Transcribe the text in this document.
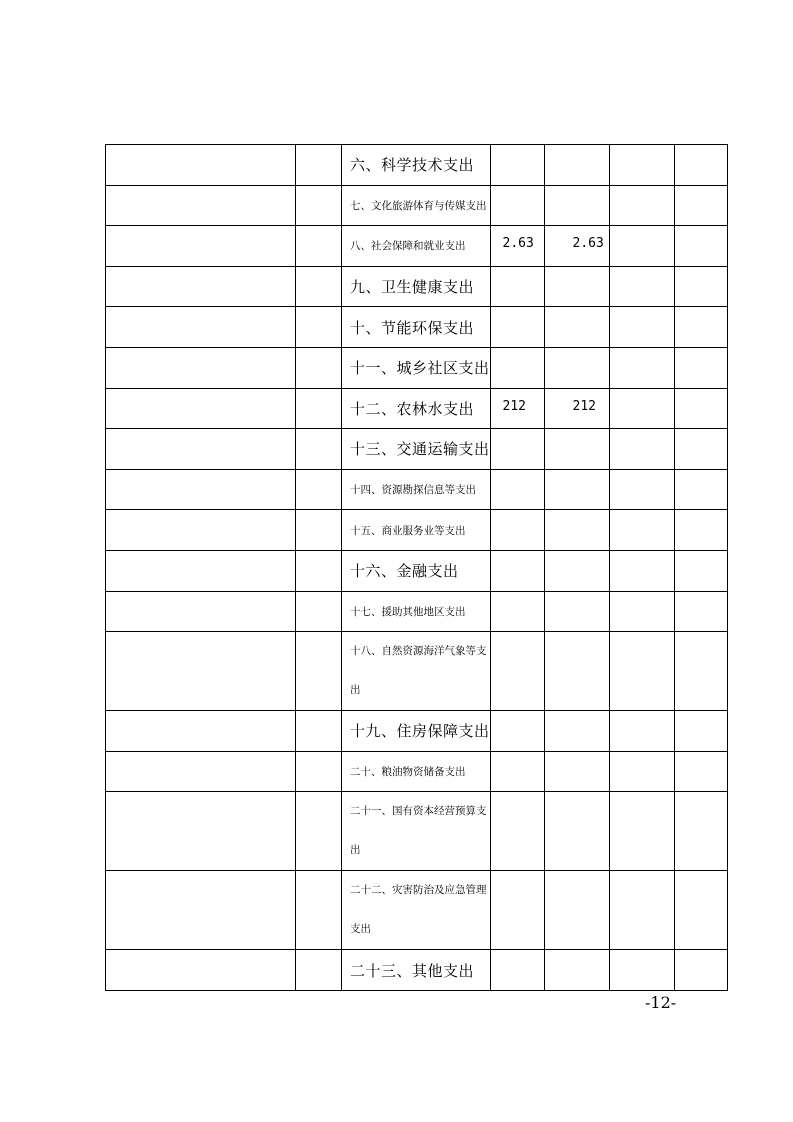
		六、科学技术支出				
		七、文化旅游体育与传媒支出				
		八、社会保障和就业支出	2.63	2.63		
		九、卫生健康支出				
		十、节能环保支出				
		十一、城乡社区支出				
		十二、农林水支出	212	212		
		十三、交通运输支出				
		十四、资源勘探信息等支出				
		十五、商业服务业等支出				
		十六、金融支出				
		十七、援助其他地区支出				
		十八、自然资源海洋气象等支出				
		十九、住房保障支出				
		二十、粮油物资储备支出				
		二十一、国有资本经营预算支出				
		二十二、灾害防治及应急管理支出				
		二十三、其他支出				
-12-
